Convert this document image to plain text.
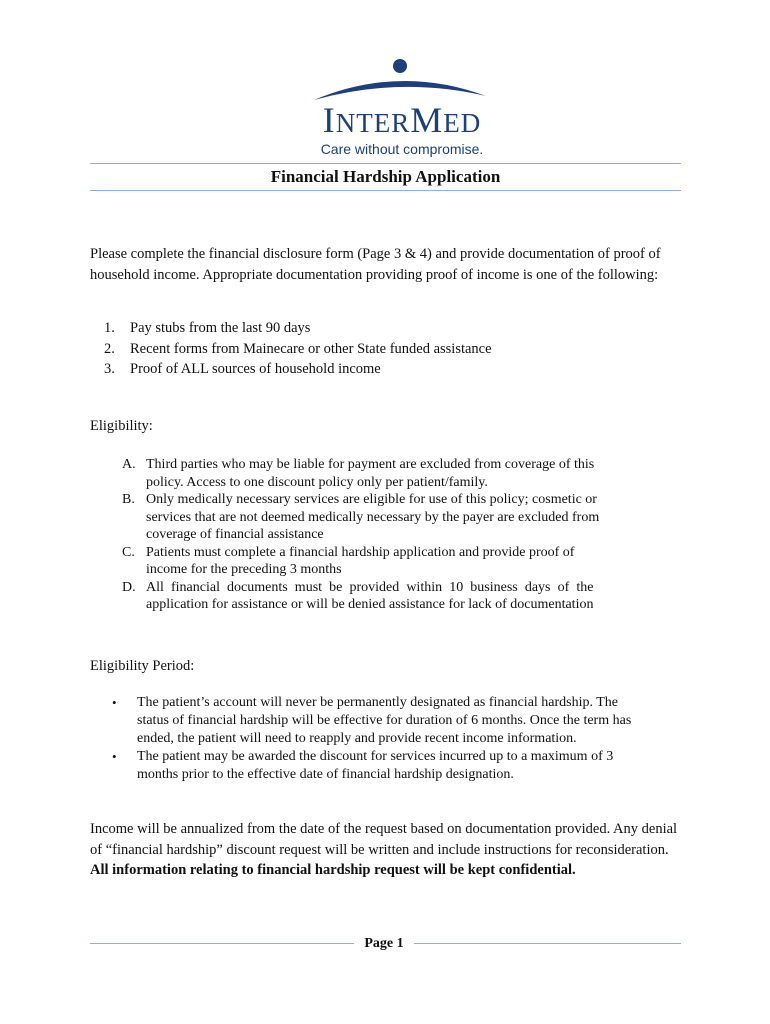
INTERMED
Care without compromise.
Financial Hardship Application
Please complete the financial disclosure form (Page 3 & 4) and provide documentation of proof of household income. Appropriate documentation providing proof of income is one of the following:
1.	Pay stubs from the last 90 days
2.	Recent forms from Mainecare or other State funded assistance
3.	Proof of ALL sources of household income
Eligibility:
A. Third parties who may be liable for payment are excluded from coverage of this
policy. Access to one discount policy only per patient/family.
B. Only medically necessary services are eligible for use of this policy; cosmetic or
services that are not deemed medically necessary by the payer are excluded from
coverage of financial assistance
C. Patients must complete a financial hardship application and provide proof of
income for the preceding 3 months
D. All financial documents must be provided within 10 business days of the
application for assistance or will be denied assistance for lack of documentation
Eligibility Period:
•	The patient’s account will never be permanently designated as financial hardship. The
status of financial hardship will be effective for duration of 6 months. Once the term has
ended, the patient will need to reapply and provide recent income information.
•	The patient may be awarded the discount for services incurred up to a maximum of 3
months prior to the effective date of financial hardship designation.
Income will be annualized from the date of the request based on documentation provided. Any denial of “financial hardship” discount request will be written and include instructions for reconsideration. All information relating to financial hardship request will be kept confidential.
Page 1
